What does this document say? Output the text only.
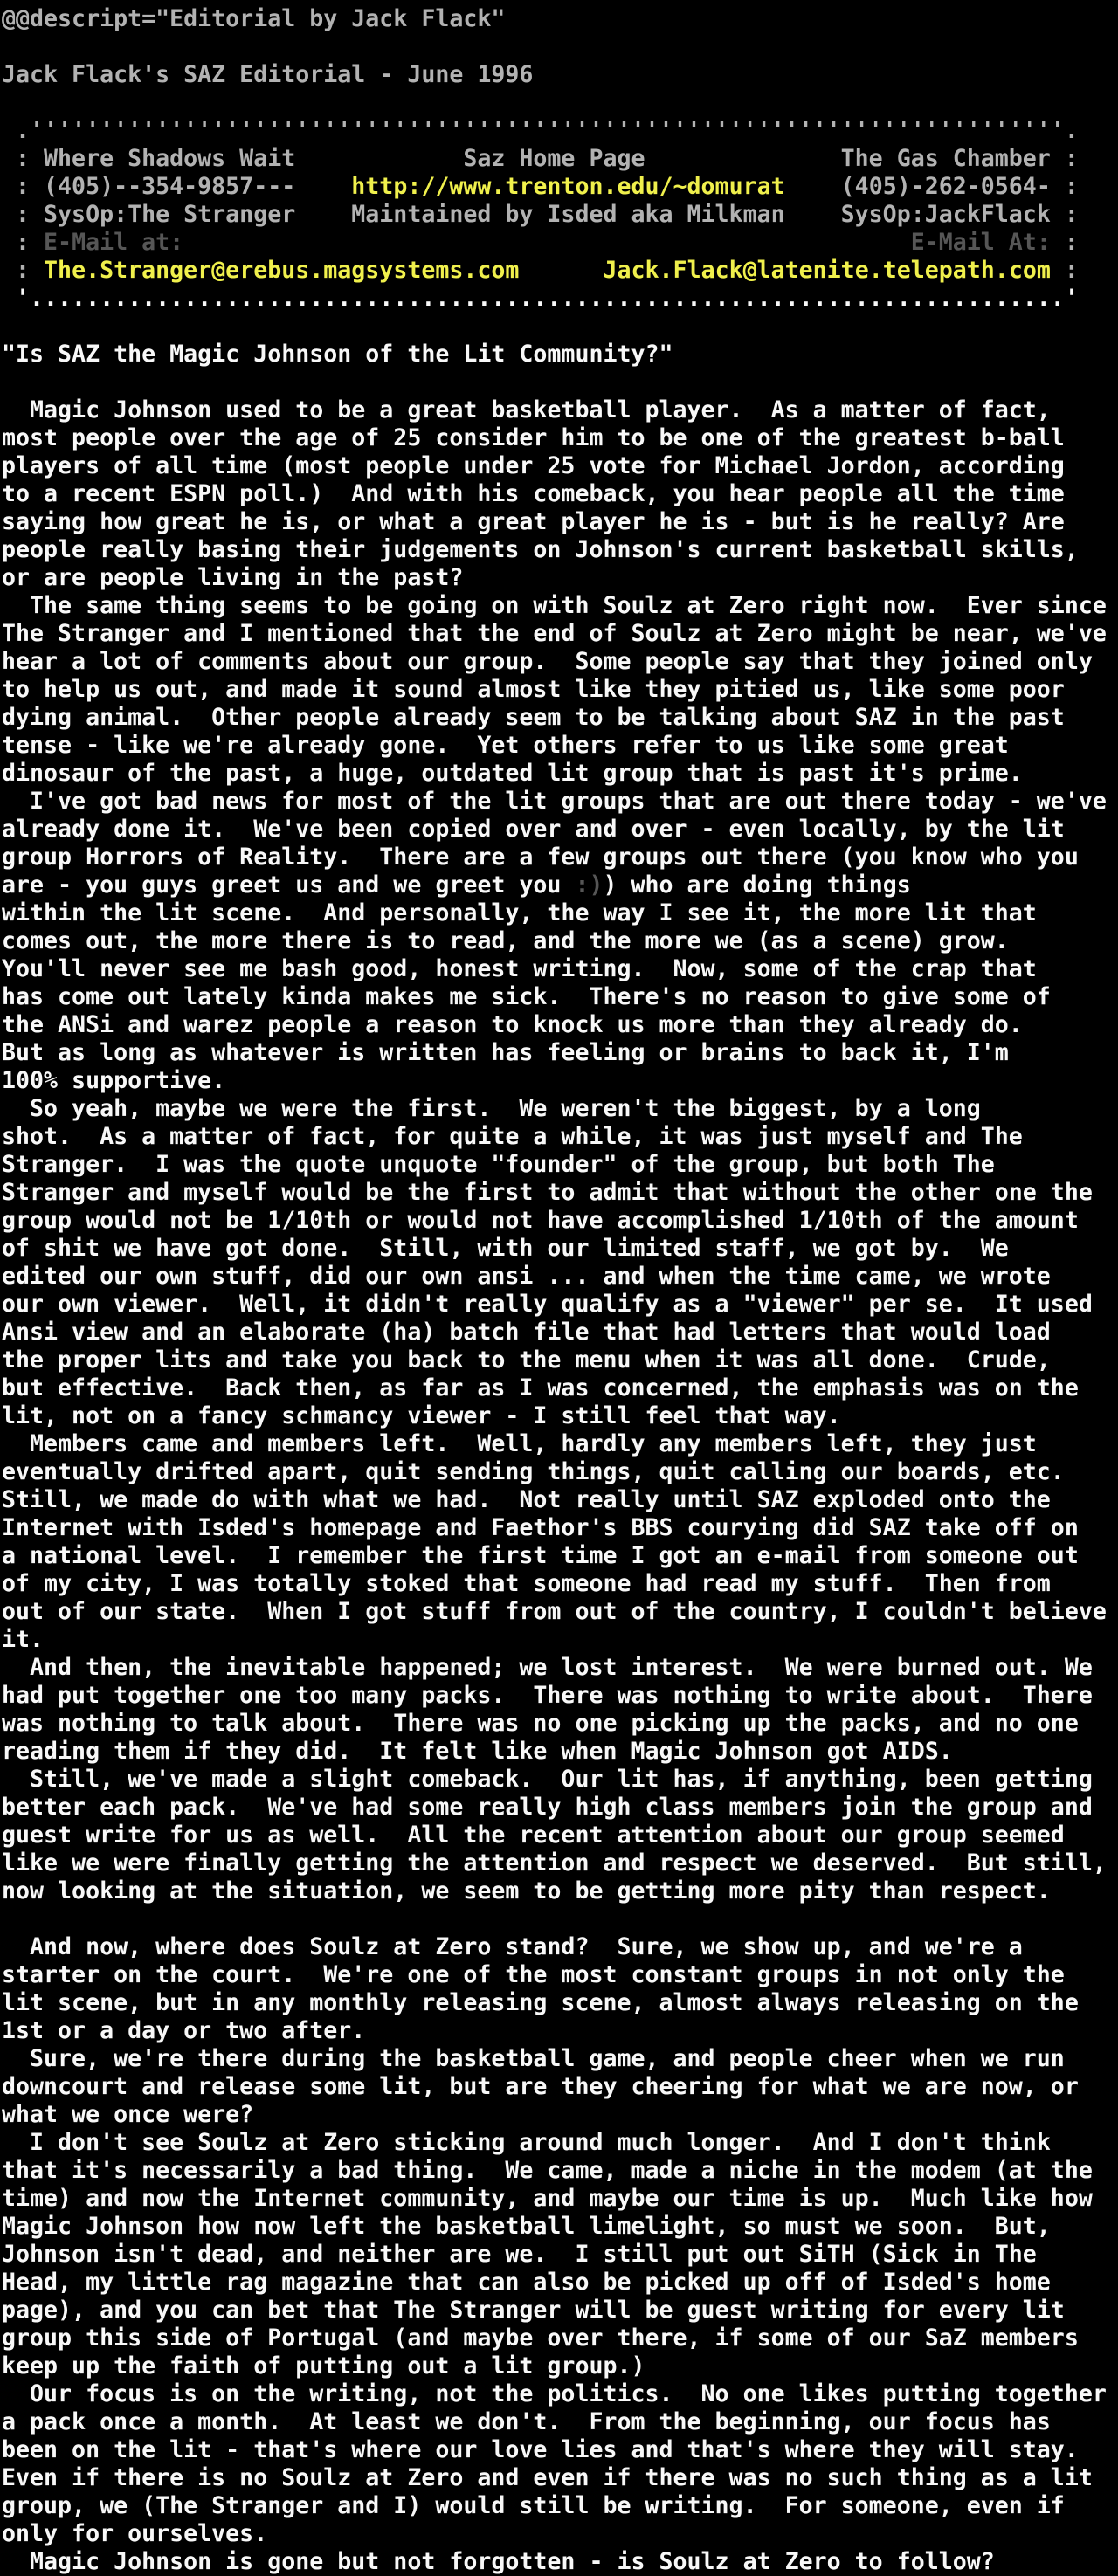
@@descript="Editorial by Jack Flack"

Jack Flack's SAZ Editorial - June 1996

.''''''''''''''''''''''''''''''''''''''''''''''''''''''''''''''''''''''''''.
: Where Shadows Wait            Saz Home Page              The Gas Chamber :
: (405)--354-9857---    http://www.trenton.edu/~domurat    (405)-262-0564- :
: SysOp:The Stranger    Maintained by Isded aka Milkman    SysOp:JackFlack :
: E-Mail at:	E-Mail At: :
: The.Stranger@erebus.magsystems.com	Jack.Flack@latenite.telepath.com :
'..........................................................................'

"Is SAZ the Magic Johnson of the Lit Community?"

Magic Johnson used to be a great basketball player.  As a matter of fact,
most people over the age of 25 consider him to be one of the greatest b-ball
players of all time (most people under 25 vote for Michael Jordon, according
to a recent ESPN poll.)  And with his comeback, you hear people all the time
saying how great he is, or what a great player he is - but is he really? Are
people really basing their judgements on Johnson's current basketball skills,
or are people living in the past?
The same thing seems to be going on with Soulz at Zero right now.  Ever since
The Stranger and I mentioned that the end of Soulz at Zero might be near, we've
hear a lot of comments about our group.  Some people say that they joined only
to help us out, and made it sound almost like they pitied us, like some poor
dying animal.  Other people already seem to be talking about SAZ in the past
tense - like we're already gone.  Yet others refer to us like some great
dinosaur of the past, a huge, outdated lit group that is past it's prime.
I've got bad news for most of the lit groups that are out there today - we've
already done it.  We've been copied over and over - even locally, by the lit
group Horrors of Reality.  There are a few groups out there (you know who you
are - you guys greet us and we greet you :)) who are doing things
within the lit scene.  And personally, the way I see it, the more lit that
comes out, the more there is to read, and the more we (as a scene) grow.
You'll never see me bash good, honest writing.  Now, some of the crap that
has come out lately kinda makes me sick.  There's no reason to give some of
the ANSi and warez people a reason to knock us more than they already do.
But as long as whatever is written has feeling or brains to back it, I'm
100% supportive.
So yeah, maybe we were the first.  We weren't the biggest, by a long
shot.  As a matter of fact, for quite a while, it was just myself and The
Stranger.  I was the quote unquote "founder" of the group, but both The
Stranger and myself would be the first to admit that without the other one the
group would not be 1/10th or would not have accomplished 1/10th of the amount
of shit we have got done.  Still, with our limited staff, we got by.  We
edited our own stuff, did our own ansi ... and when the time came, we wrote
our own viewer.  Well, it didn't really qualify as a "viewer" per se.  It used
Ansi view and an elaborate (ha) batch file that had letters that would load
the proper lits and take you back to the menu when it was all done.  Crude,
but effective.  Back then, as far as I was concerned, the emphasis was on the
lit, not on a fancy schmancy viewer - I still feel that way.
Members came and members left.  Well, hardly any members left, they just
eventually drifted apart, quit sending things, quit calling our boards, etc.
Still, we made do with what we had.  Not really until SAZ exploded onto the
Internet with Isded's homepage and Faethor's BBS courying did SAZ take off on
a national level.  I remember the first time I got an e-mail from someone out
of my city, I was totally stoked that someone had read my stuff.  Then from
out of our state.  When I got stuff from out of the country, I couldn't believe
it.
And then, the inevitable happened; we lost interest.  We were burned out. We
had put together one too many packs.  There was nothing to write about.  There
was nothing to talk about.  There was no one picking up the packs, and no one
reading them if they did.  It felt like when Magic Johnson got AIDS.
Still, we've made a slight comeback.  Our lit has, if anything, been getting
better each pack.  We've had some really high class members join the group and
guest write for us as well.  All the recent attention about our group seemed
like we were finally getting the attention and respect we deserved.  But still,
now looking at the situation, we seem to be getting more pity than respect.

And now, where does Soulz at Zero stand?  Sure, we show up, and we're a
starter on the court.  We're one of the most constant groups in not only the
lit scene, but in any monthly releasing scene, almost always releasing on the
1st or a day or two after.
Sure, we're there during the basketball game, and people cheer when we run
downcourt and release some lit, but are they cheering for what we are now, or
what we once were?
I don't see Soulz at Zero sticking around much longer.  And I don't think
that it's necessarily a bad thing.  We came, made a niche in the modem (at the
time) and now the Internet community, and maybe our time is up.  Much like how
Magic Johnson how now left the basketball limelight, so must we soon.  But,
Johnson isn't dead, and neither are we.  I still put out SiTH (Sick in The
Head, my little rag magazine that can also be picked up off of Isded's home
page), and you can bet that The Stranger will be guest writing for every lit
group this side of Portugal (and maybe over there, if some of our SaZ members
keep up the faith of putting out a lit group.)
Our focus is on the writing, not the politics.  No one likes putting together
a pack once a month.  At least we don't.  From the beginning, our focus has
been on the lit - that's where our love lies and that's where they will stay.
Even if there is no Soulz at Zero and even if there was no such thing as a lit
group, we (The Stranger and I) would still be writing.  For someone, even if
only for ourselves.
Magic Johnson is gone but not forgotten - is Soulz at Zero to follow?
